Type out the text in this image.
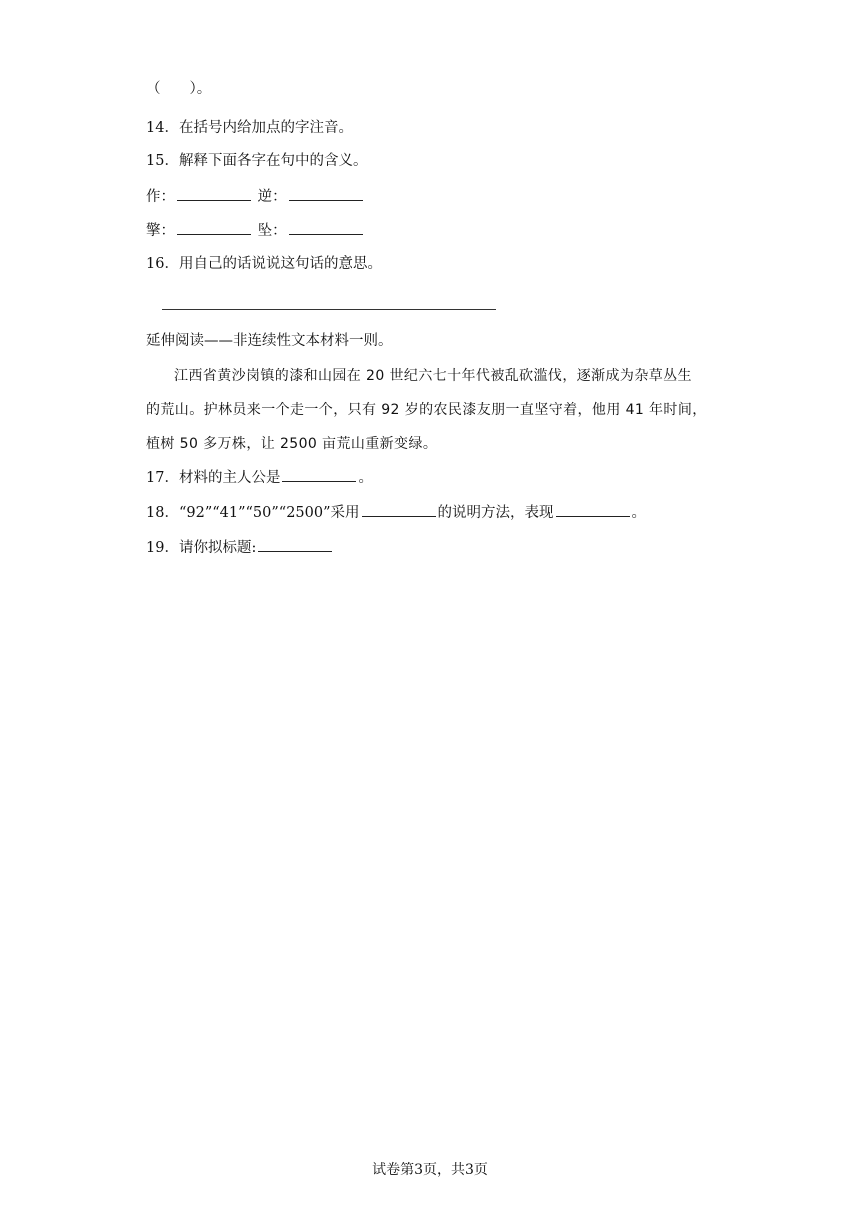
（　　）。
14．在括号内给加点的字注音。
15．解释下面各字在句中的含义。
作：	逆：
擎：	坠：
16．用自己的话说说这句话的意思。
延伸阅读——非连续性文本材料一则。
江西省黄沙岗镇的漆和山园在 20 世纪六七十年代被乱砍滥伐，逐渐成为杂草丛生
的荒山。护林员来一个走一个，只有 92 岁的农民漆友朋一直坚守着，他用 41 年时间，
植树 50 多万株，让 2500 亩荒山重新变绿。
17．材料的主人公是	。
18．“92”“41”“50”“2500”采用	的说明方法，表现	。
19．请你拟标题:
试卷第3页，共3页
